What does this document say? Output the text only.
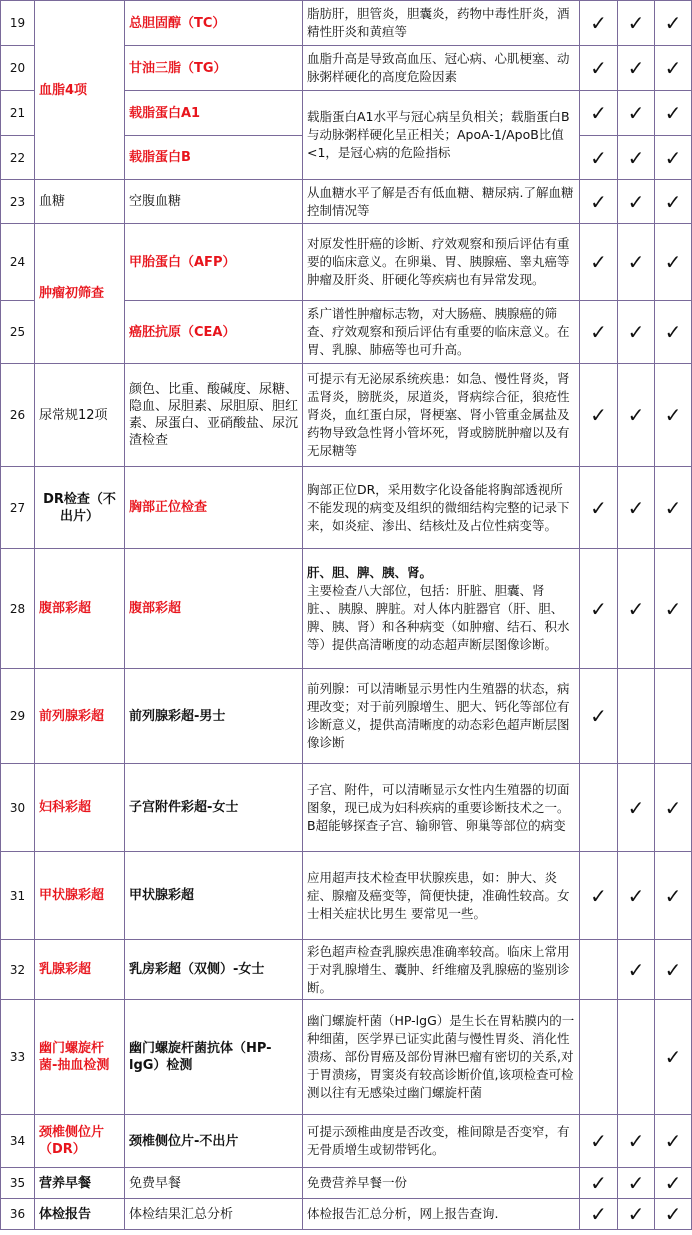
19	血脂4项	总胆固醇（TC）	脂肪肝，胆管炎，胆囊炎，药物中毒性肝炎，酒精性肝炎和黄疸等	✓	✓	✓
20		甘油三脂（TG）	血脂升高是导致高血压、冠心病、心肌梗塞、动脉粥样硬化的高度危险因素	✓	✓	✓
21		载脂蛋白A1	载脂蛋白A1水平与冠心病呈负相关；载脂蛋白B与动脉粥样硬化呈正相关；ApoA-1/ApoB比值<1，是冠心病的危险指标	✓	✓	✓
22		载脂蛋白B		✓	✓	✓
23	血糖	空腹血糖	从血糖水平了解是否有低血糖、糖尿病.了解血糖控制情况等	✓	✓	✓
24	肿瘤初筛查	甲胎蛋白（AFP）	对原发性肝癌的诊断、疗效观察和预后评估有重要的临床意义。在卵巢、胃、胰腺癌、睾丸癌等肿瘤及肝炎、肝硬化等疾病也有异常发现。	✓	✓	✓
25		癌胚抗原（CEA）	系广谱性肿瘤标志物，对大肠癌、胰腺癌的筛查、疗效观察和预后评估有重要的临床意义。在胃、乳腺、肺癌等也可升高。	✓	✓	✓
26	尿常规12项	颜色、比重、酸碱度、尿糖、隐血、尿胆素、尿胆原、胆红素、尿蛋白、亚硝酸盐、尿沉渣检查	可提示有无泌尿系统疾患：如急、慢性肾炎，肾盂肾炎，膀胱炎，尿道炎，肾病综合征，狼疮性肾炎，血红蛋白尿，肾梗塞、肾小管重金属盐及药物导致急性肾小管坏死，肾或膀胱肿瘤以及有无尿糖等	✓	✓	✓
27	DR检查（不出片）	胸部正位检查	胸部正位DR，采用数字化设备能将胸部透视所不能发现的病变及组织的微细结构完整的记录下来，如炎症、渗出、结核灶及占位性病变等。	✓	✓	✓
28	腹部彩超	腹部彩超	肝、胆、脾、胰、肾。
主要检查八大部位，包括：肝脏、胆囊、肾脏、、胰腺、脾脏。对人体内脏器官（肝、胆、脾、胰、肾）和各种病变（如肿瘤、结石、积水等）提供高清晰度的动态超声断层图像诊断。	✓	✓	✓
29	前列腺彩超	前列腺彩超-男士	前列腺：可以清晰显示男性内生殖器的状态，病理改变；对于前列腺增生、肥大、钙化等部位有诊断意义，提供高清晰度的动态彩色超声断层图像诊断	✓		
30	妇科彩超	子宫附件彩超-女士	子宫、附件，可以清晰显示女性内生殖器的切面图象，现已成为妇科疾病的重要诊断技术之一。B超能够探查子宫、输卵管、卵巢等部位的病变		✓	✓
31	甲状腺彩超	甲状腺彩超	应用超声技术检查甲状腺疾患，如：肿大、炎症、腺瘤及癌变等，简便快捷，准确性较高。女士相关症状比男生 要常见一些。	✓	✓	✓
32	乳腺彩超	乳房彩超（双侧）-女士	彩色超声检查乳腺疾患准确率较高。临床上常用于对乳腺增生、囊肿、纤维瘤及乳腺癌的鉴别诊断。		✓	✓
33	幽门螺旋杆菌-抽血检测	幽门螺旋杆菌抗体（HP-lgG）检测	幽门螺旋杆菌（HP-lgG）是生长在胃粘膜内的一种细菌，医学界已证实此菌与慢性胃炎、消化性溃疡、部份胃癌及部份胃淋巴瘤有密切的关系,对于胃溃疡，胃窦炎有较高诊断价值,该项检查可检测以往有无感染过幽门螺旋杆菌			✓
34	颈椎侧位片（DR）	颈椎侧位片-不出片	可提示颈椎曲度是否改变，椎间隙是否变窄，有无骨质增生或韧带钙化。	✓	✓	✓
35	营养早餐	免费早餐	免费营养早餐一份	✓	✓	✓
36	体检报告	体检结果汇总分析	体检报告汇总分析，网上报告查询.	✓	✓	✓
